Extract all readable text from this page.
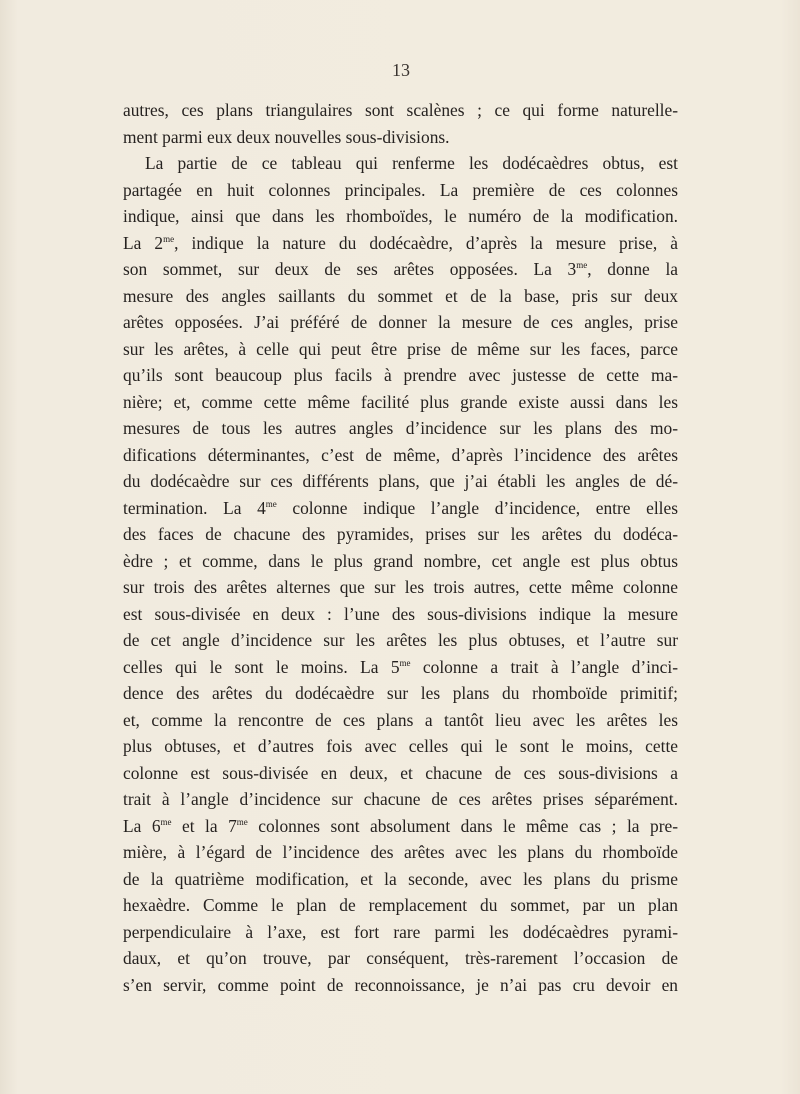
13
autres, ces plans triangulaires sont scalènes ; ce qui forme naturelle-
ment parmi eux deux nouvelles sous-divisions.
La partie de ce tableau qui renferme les dodécaèdres obtus, est
partagée en huit colonnes principales. La première de ces colonnes
indique, ainsi que dans les rhomboïdes, le numéro de la modification.
La $2^{me}$, indique la nature du dodécaèdre, d’après la mesure prise, à
son sommet, sur deux de ses arêtes opposées. La $3^{me}$, donne la
mesure des angles saillants du sommet et de la base, pris sur deux
arêtes opposées. J’ai préféré de donner la mesure de ces angles, prise
sur les arêtes, à celle qui peut être prise de même sur les faces, parce
qu’ils sont beaucoup plus facils à prendre avec justesse de cette ma-
nière; et, comme cette même facilité plus grande existe aussi dans les
mesures de tous les autres angles d’incidence sur les plans des mo-
difications déterminantes, c’est de même, d’après l’incidence des arêtes
du dodécaèdre sur ces différents plans, que j’ai établi les angles de dé-
termination. La $4^{me}$ colonne indique l’angle d’incidence, entre elles
des faces de chacune des pyramides, prises sur les arêtes du dodéca-
èdre ; et comme, dans le plus grand nombre, cet angle est plus obtus
sur trois des arêtes alternes que sur les trois autres, cette même colonne
est sous-divisée en deux : l’une des sous-divisions indique la mesure
de cet angle d’incidence sur les arêtes les plus obtuses, et l’autre sur
celles qui le sont le moins. La $5^{me}$ colonne a trait à l’angle d’inci-
dence des arêtes du dodécaèdre sur les plans du rhomboïde primitif;
et, comme la rencontre de ces plans a tantôt lieu avec les arêtes les
plus obtuses, et d’autres fois avec celles qui le sont le moins, cette
colonne est sous-divisée en deux, et chacune de ces sous-divisions a
trait à l’angle d’incidence sur chacune de ces arêtes prises séparément.
La $6^{me}$ et la $7^{me}$ colonnes sont absolument dans le même cas ; la pre-
mière, à l’égard de l’incidence des arêtes avec les plans du rhomboïde
de la quatrième modification, et la seconde, avec les plans du prisme
hexaèdre. Comme le plan de remplacement du sommet, par un plan
perpendiculaire à l’axe, est fort rare parmi les dodécaèdres pyrami-
daux, et qu’on trouve, par conséquent, très-rarement l’occasion de
s’en servir, comme point de reconnoissance, je n’ai pas cru devoir en
